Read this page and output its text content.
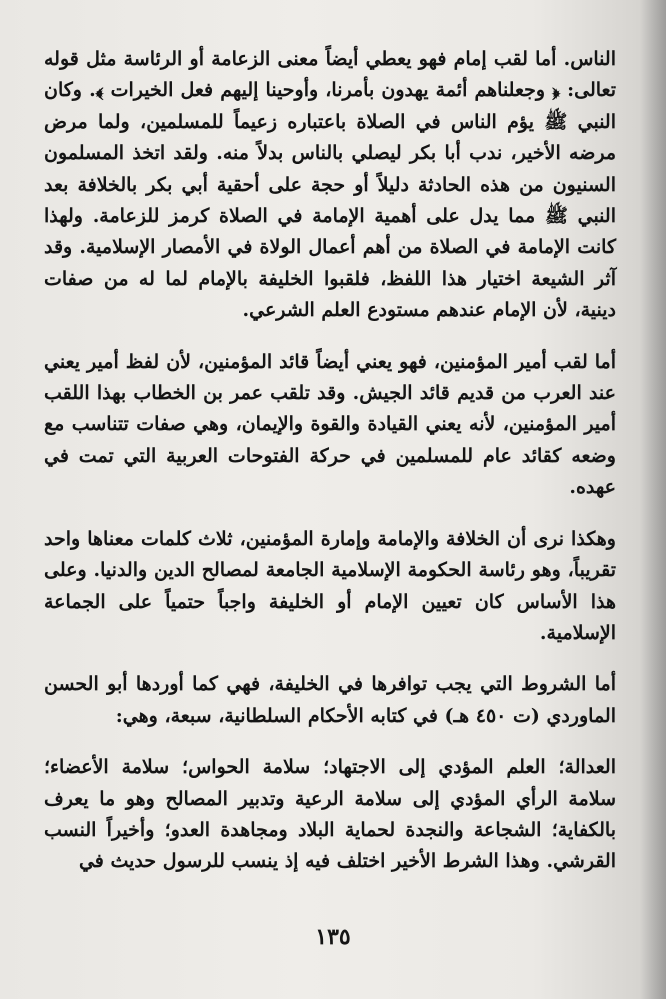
الناس. أما لقب إمام فهو يعطي أيضاً معنى الزعامة أو الرئاسة مثل قوله تعالى: ﴿ وجعلناهم أئمة يهدون بأمرنا، وأوحينا إليهم فعل الخيرات ﴾. وكان النبي ﷺ يؤم الناس في الصلاة باعتباره زعيماً للمسلمين، ولما مرض مرضه الأخير، ندب أبا بكر ليصلي بالناس بدلاً منه. ولقد اتخذ المسلمون السنيون من هذه الحادثة دليلاً أو حجة على أحقية أبي بكر بالخلافة بعد النبي ﷺ مما يدل على أهمية الإمامة في الصلاة كرمز للزعامة. ولهذا كانت الإمامة في الصلاة من أهم أعمال الولاة في الأمصار الإسلامية. وقد آثر الشيعة اختيار هذا اللفظ، فلقبوا الخليفة بالإمام لما له من صفات دينية، لأن الإمام عندهم مستودع العلم الشرعي.

أما لقب أمير المؤمنين، فهو يعني أيضاً قائد المؤمنين، لأن لفظ أمير يعني عند العرب من قديم قائد الجيش. وقد تلقب عمر بن الخطاب بهذا اللقب أمير المؤمنين، لأنه يعني القيادة والقوة والإيمان، وهي صفات تتناسب مع وضعه كقائد عام للمسلمين في حركة الفتوحات العربية التي تمت في عهده.

وهكذا نرى أن الخلافة والإمامة وإمارة المؤمنين، ثلاث كلمات معناها واحد تقريباً، وهو رئاسة الحكومة الإسلامية الجامعة لمصالح الدين والدنيا. وعلى هذا الأساس كان تعيين الإمام أو الخليفة واجباً حتمياً على الجماعة الإسلامية.

أما الشروط التي يجب توافرها في الخليفة، فهي كما أوردها أبو الحسن الماوردي (ت ٤٥٠ هـ) في كتابه الأحكام السلطانية، سبعة، وهي:

العدالة؛ العلم المؤدي إلى الاجتهاد؛ سلامة الحواس؛ سلامة الأعضاء؛ سلامة الرأي المؤدي إلى سلامة الرعية وتدبير المصالح وهو ما يعرف بالكفاية؛ الشجاعة والنجدة لحماية البلاد ومجاهدة العدو؛ وأخيراً النسب القرشي. وهذا الشرط الأخير اختلف فيه إذ ينسب للرسول حديث في

١٣٥
